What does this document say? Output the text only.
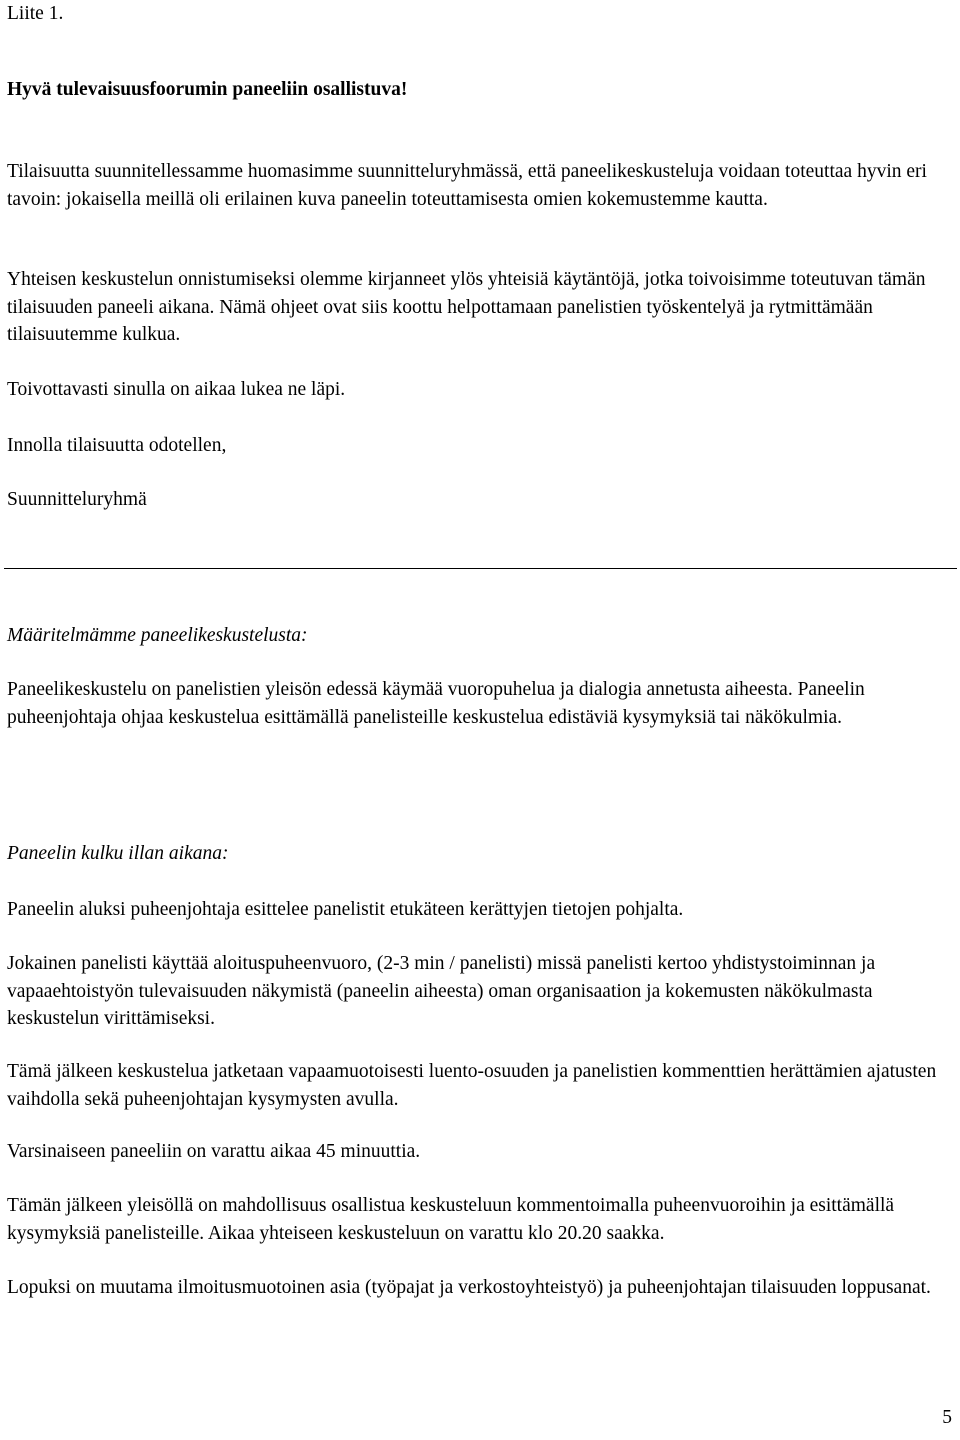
Liite 1.

Hyvä tulevaisuusfoorumin paneeliin osallistuva!

Tilaisuutta suunnitellessamme huomasimme suunnitteluryhmässä, että paneelikeskusteluja voidaan toteuttaa hyvin eri tavoin: jokaisella meillä oli erilainen kuva paneelin toteuttamisesta omien kokemustemme kautta.

Yhteisen keskustelun onnistumiseksi olemme kirjanneet ylös yhteisiä käytäntöjä, jotka toivoisimme toteutuvan tämän tilaisuuden paneeli aikana. Nämä ohjeet ovat siis koottu helpottamaan panelistien työskentelyä ja rytmittämään tilaisuutemme kulkua.

Toivottavasti sinulla on aikaa lukea ne läpi.

Innolla tilaisuutta odotellen,

Suunnitteluryhmä

Määritelmämme paneelikeskustelusta:

Paneelikeskustelu on panelistien yleisön edessä käymää vuoropuhelua ja dialogia annetusta aiheesta. Paneelin puheenjohtaja ohjaa keskustelua esittämällä panelisteille keskustelua edistäviä kysymyksiä tai näkökulmia.

Paneelin kulku illan aikana:

Paneelin aluksi puheenjohtaja esittelee panelistit etukäteen kerättyjen tietojen pohjalta.

Jokainen panelisti käyttää aloituspuheenvuoro, (2-3 min / panelisti) missä panelisti kertoo yhdistystoiminnan ja vapaaehtoistyön tulevaisuuden näkymistä (paneelin aiheesta) oman organisaation ja kokemusten näkökulmasta keskustelun virittämiseksi.

Tämä jälkeen keskustelua jatketaan vapaamuotoisesti luento-osuuden ja panelistien kommenttien herättämien ajatusten vaihdolla sekä puheenjohtajan kysymysten avulla.

Varsinaiseen paneeliin on varattu aikaa 45 minuuttia.

Tämän jälkeen yleisöllä on mahdollisuus osallistua keskusteluun kommentoimalla puheenvuoroihin ja esittämällä kysymyksiä panelisteille. Aikaa yhteiseen keskusteluun on varattu klo 20.20 saakka.

Lopuksi on muutama ilmoitusmuotoinen asia (työpajat ja verkostoyhteistyö) ja puheenjohtajan tilaisuuden loppusanat.

5
